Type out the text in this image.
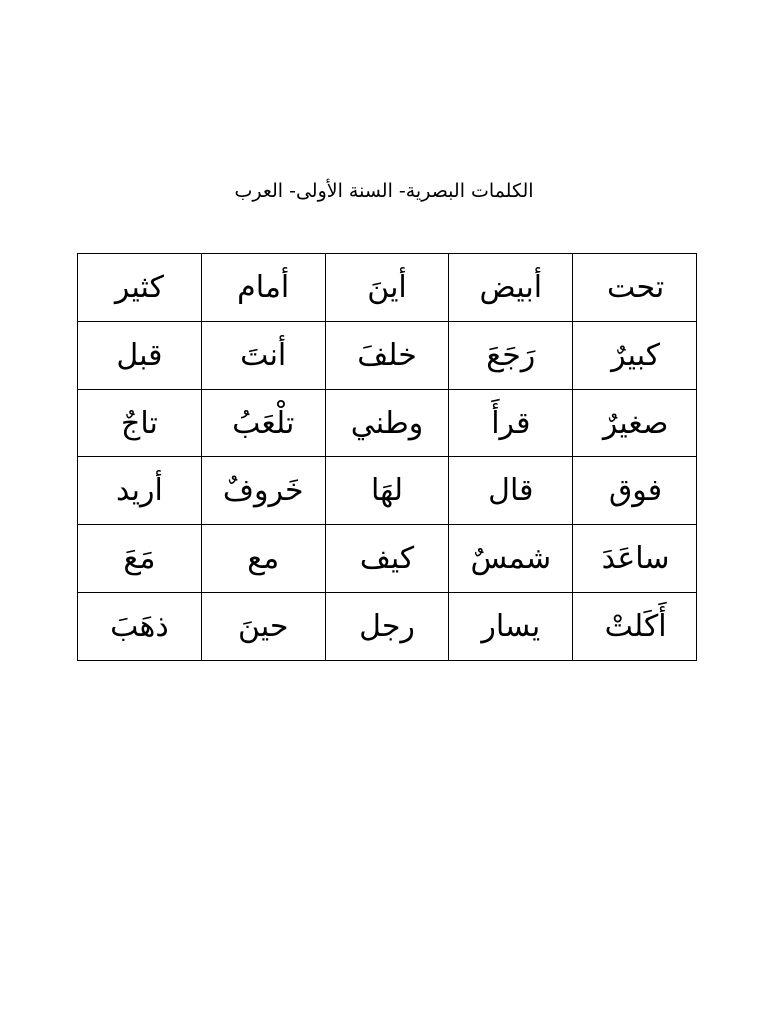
الكلمات البصرية- السنة الأولى- العرب
تحت	أبيض	أينَ	أمام	كثير
كبيرٌ	رَجَعَ	خلفَ	أنتَ	قبل
صغيرٌ	قرأَ	وطني	تلْعَبُ	تاجٌ
فوق	قال	لهَا	خَروفٌ	أريد
ساعَدَ	شمسٌ	كيف	مع	مَعَ
أَكَلتْ	يسار	رجل	حينَ	ذهَبَ
